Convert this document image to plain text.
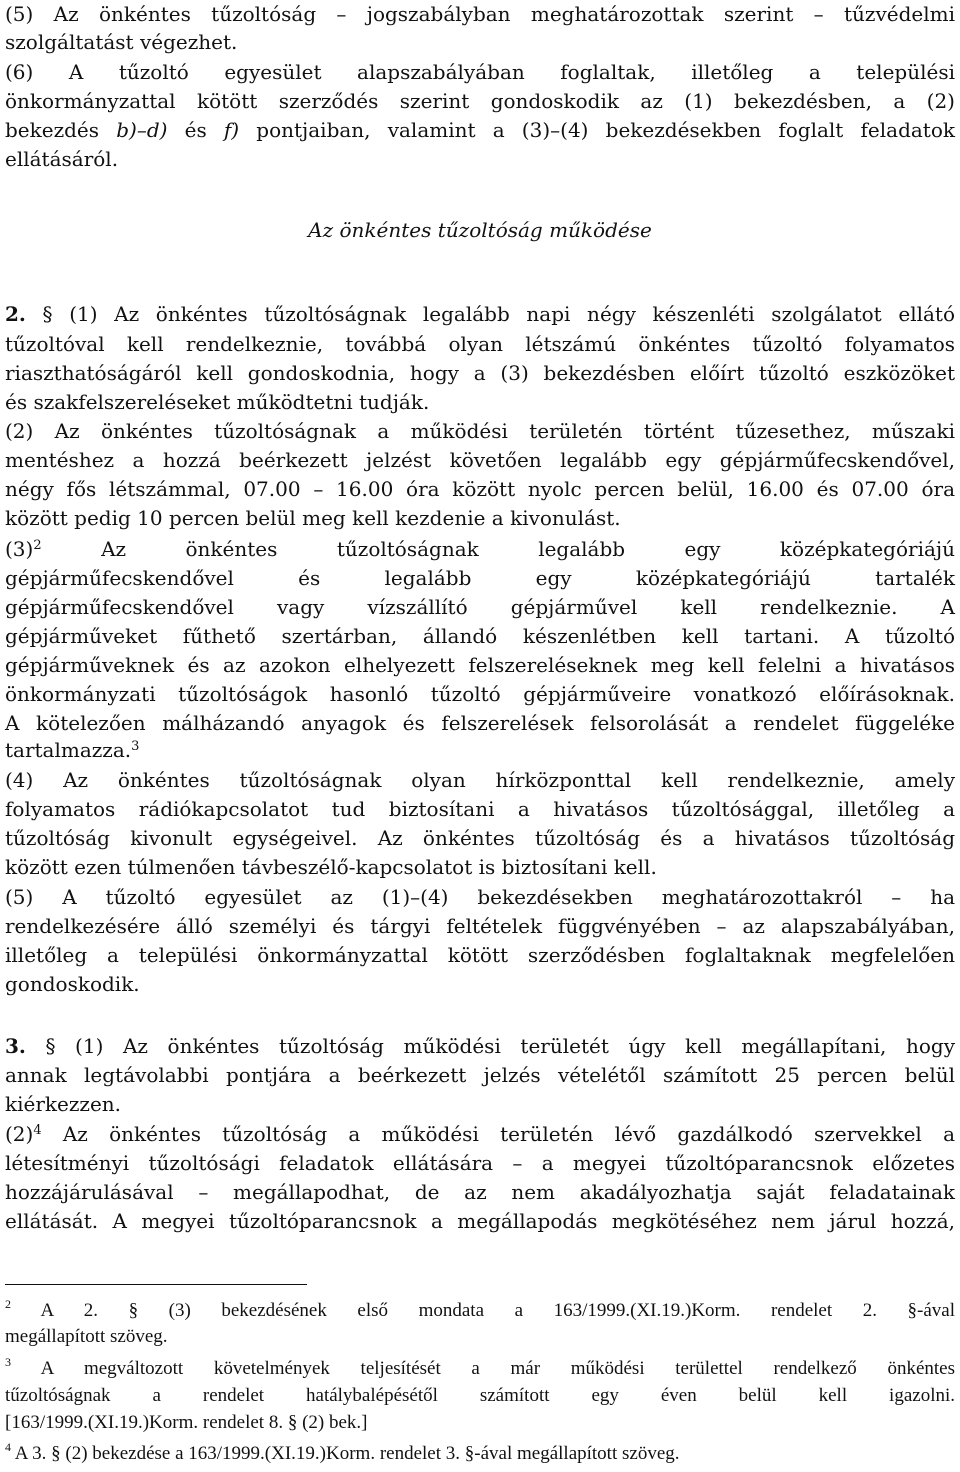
(5) Az önkéntes tűzoltóság – jogszabályban meghatározottak szerint – tűzvédelmi
szolgáltatást végezhet.
(6) A tűzoltó egyesület alapszabályában foglaltak, illetőleg a települési
önkormányzattal kötött szerződés szerint gondoskodik az (1) bekezdésben, a (2)
bekezdés b)–d) és f) pontjaiban, valamint a (3)–(4) bekezdésekben foglalt feladatok
ellátásáról.
Az önkéntes tűzoltóság működése
2. § (1) Az önkéntes tűzoltóságnak legalább napi négy készenléti szolgálatot ellátó
tűzoltóval kell rendelkeznie, továbbá olyan létszámú önkéntes tűzoltó folyamatos
riaszthatóságáról kell gondoskodnia, hogy a (3) bekezdésben előírt tűzoltó eszközöket
és szakfelszereléseket működtetni tudják.
(2) Az önkéntes tűzoltóságnak a működési területén történt tűzesethez, műszaki
mentéshez a hozzá beérkezett jelzést követően legalább egy gépjárműfecskendővel,
négy fős létszámmal, 07.00 – 16.00 óra között nyolc percen belül, 16.00 és 07.00 óra
között pedig 10 percen belül meg kell kezdenie a kivonulást.
$(3)^2$ Az önkéntes tűzoltóságnak legalább egy középkategóriájú
gépjárműfecskendővel és legalább egy középkategóriájú tartalék
gépjárműfecskendővel vagy vízszállító gépjárművel kell rendelkeznie. A
gépjárműveket fűthető szertárban, állandó készenlétben kell tartani. A tűzoltó
gépjárműveknek és az azokon elhelyezett felszereléseknek meg kell felelni a hivatásos
önkormányzati tűzoltóságok hasonló tűzoltó gépjárműveire vonatkozó előírásoknak.
A kötelezően málházandó anyagok és felszerelések felsorolását a rendelet függeléke
tartalmazza.$^3$
(4) Az önkéntes tűzoltóságnak olyan hírközponttal kell rendelkeznie, amely
folyamatos rádiókapcsolatot tud biztosítani a hivatásos tűzoltósággal, illetőleg a
tűzoltóság kivonult egységeivel. Az önkéntes tűzoltóság és a hivatásos tűzoltóság
között ezen túlmenően távbeszélő-kapcsolatot is biztosítani kell.
(5) A tűzoltó egyesület az (1)–(4) bekezdésekben meghatározottakról – ha
rendelkezésére álló személyi és tárgyi feltételek függvényében – az alapszabályában,
illetőleg a települési önkormányzattal kötött szerződésben foglaltaknak megfelelően
gondoskodik.
3. § (1) Az önkéntes tűzoltóság működési területét úgy kell megállapítani, hogy
annak legtávolabbi pontjára a beérkezett jelzés vételétől számított 25 percen belül
kiérkezzen.
$(2)^4$ Az önkéntes tűzoltóság a működési területén lévő gazdálkodó szervekkel a
létesítményi tűzoltósági feladatok ellátására – a megyei tűzoltóparancsnok előzetes
hozzájárulásával – megállapodhat, de az nem akadályozhatja saját feladatainak
ellátását. A megyei tűzoltóparancsnok a megállapodás megkötéséhez nem járul hozzá,
$^2$ A 2. § (3) bekezdésének első mondata a 163/1999.(XI.19.)Korm. rendelet 2. §-ával
megállapított szöveg.
$^3$ A megváltozott követelmények teljesítését a már működési területtel rendelkező önkéntes
tűzoltóságnak a rendelet hatálybalépésétől számított egy éven belül kell igazolni.
[163/1999.(XI.19.)Korm. rendelet 8. § (2) bek.]
$^4$ A 3. § (2) bekezdése a 163/1999.(XI.19.)Korm. rendelet 3. §-ával megállapított szöveg.
